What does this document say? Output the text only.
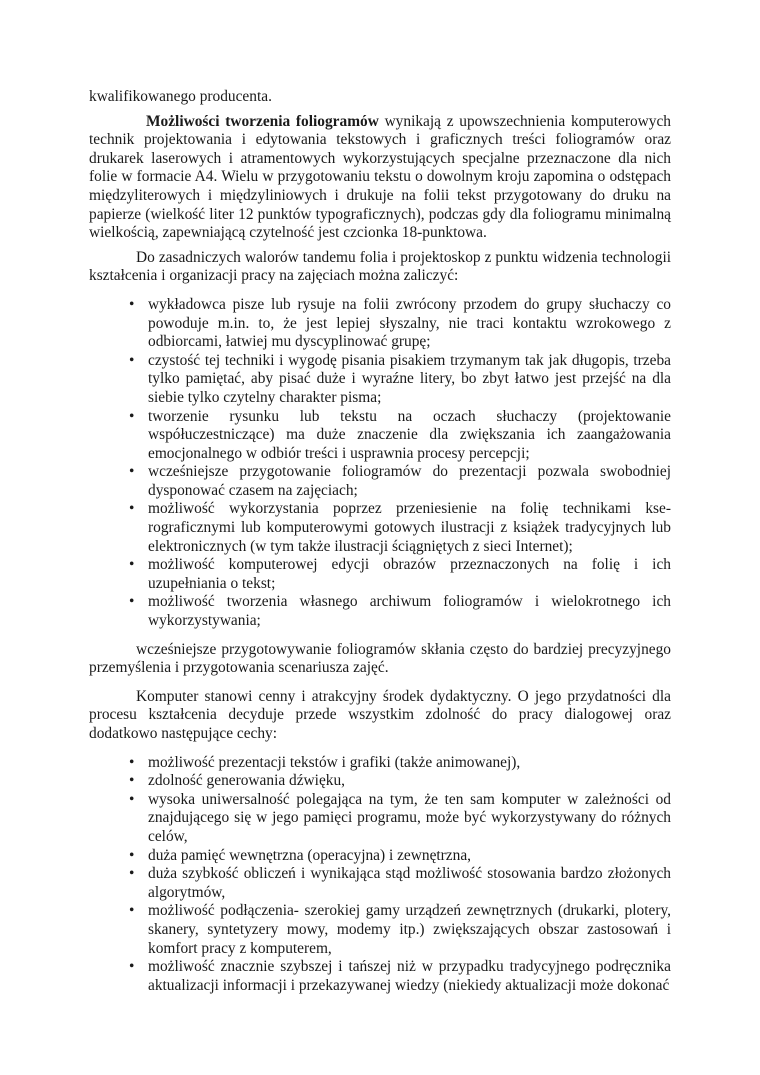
kwalifikowanego producenta.

Możliwości tworzenia foliogramów wynikają z upowszechnienia komputerowych technik projektowania i edytowania tekstowych i graficznych treści foliogramów oraz drukarek laserowych i atramentowych wykorzystujących specjalne przeznaczone dla nich folie w formacie A4. Wielu w przygotowaniu tekstu o dowolnym kroju zapomina o odstępach międzyliterowych i międzyliniowych i drukuje na folii tekst przygotowany do druku na papierze (wielkość liter 12 punktów typograficznych), podczas gdy dla foliogramu minimalną wielkością, zapewniającą czytelność jest czcionka 18-punktowa.

Do zasadniczych walorów tandemu folia i projektoskop z punktu widzenia technologii kształcenia i organizacji pracy na zajęciach można zaliczyć:

• wykładowca pisze lub rysuje na folii zwrócony przodem do grupy słuchaczy co powoduje m.in. to, że jest lepiej słyszalny, nie traci kontaktu wzrokowego z odbiorcami, łatwiej mu dyscyplinować grupę;
• czystość tej techniki i wygodę pisania pisakiem trzymanym tak jak długopis, trzeba tylko pamiętać, aby pisać duże i wyraźne litery, bo zbyt łatwo jest przejść na dla siebie tylko czytelny charakter pisma;
• tworzenie rysunku lub tekstu na oczach słuchaczy (projektowanie współuczestniczące) ma duże znaczenie dla zwiększania ich zaangażowania emocjonalnego w odbiór treści i usprawnia procesy percepcji;
• wcześniejsze przygotowanie foliogramów do prezentacji pozwala swobodniej dysponować czasem na zajęciach;
• możliwość wykorzystania poprzez przeniesienie na folię technikami kse-rograficznymi lub komputerowymi gotowych ilustracji z książek tradycyjnych lub elektronicznych (w tym także ilustracji ściągniętych z sieci Internet);
• możliwość komputerowej edycji obrazów przeznaczonych na folię i ich uzupełniania o tekst;
• możliwość tworzenia własnego archiwum foliogramów i wielokrotnego ich wykorzystywania;

wcześniejsze przygotowywanie foliogramów skłania często do bardziej precyzyjnego przemyślenia i przygotowania scenariusza zajęć.

Komputer stanowi cenny i atrakcyjny środek dydaktyczny. O jego przydatności dla procesu kształcenia decyduje przede wszystkim zdolność do pracy dialogowej oraz dodatkowo następujące cechy:

• możliwość prezentacji tekstów i grafiki (także animowanej),
• zdolność generowania dźwięku,
• wysoka uniwersalność polegająca na tym, że ten sam komputer w zależności od znajdującego się w jego pamięci programu, może być wykorzystywany do różnych celów,
• duża pamięć wewnętrzna (operacyjna) i zewnętrzna,
• duża szybkość obliczeń i wynikająca stąd możliwość stosowania bardzo złożonych algorytmów,
• możliwość podłączenia- szerokiej gamy urządzeń zewnętrznych (drukarki, plotery, skanery, syntetyzery mowy, modemy itp.) zwiększających obszar zastosowań i komfort pracy z komputerem,
• możliwość znacznie szybszej i tańszej niż w przypadku tradycyjnego podręcznika aktualizacji informacji i przekazywanej wiedzy (niekiedy aktualizacji może dokonać
